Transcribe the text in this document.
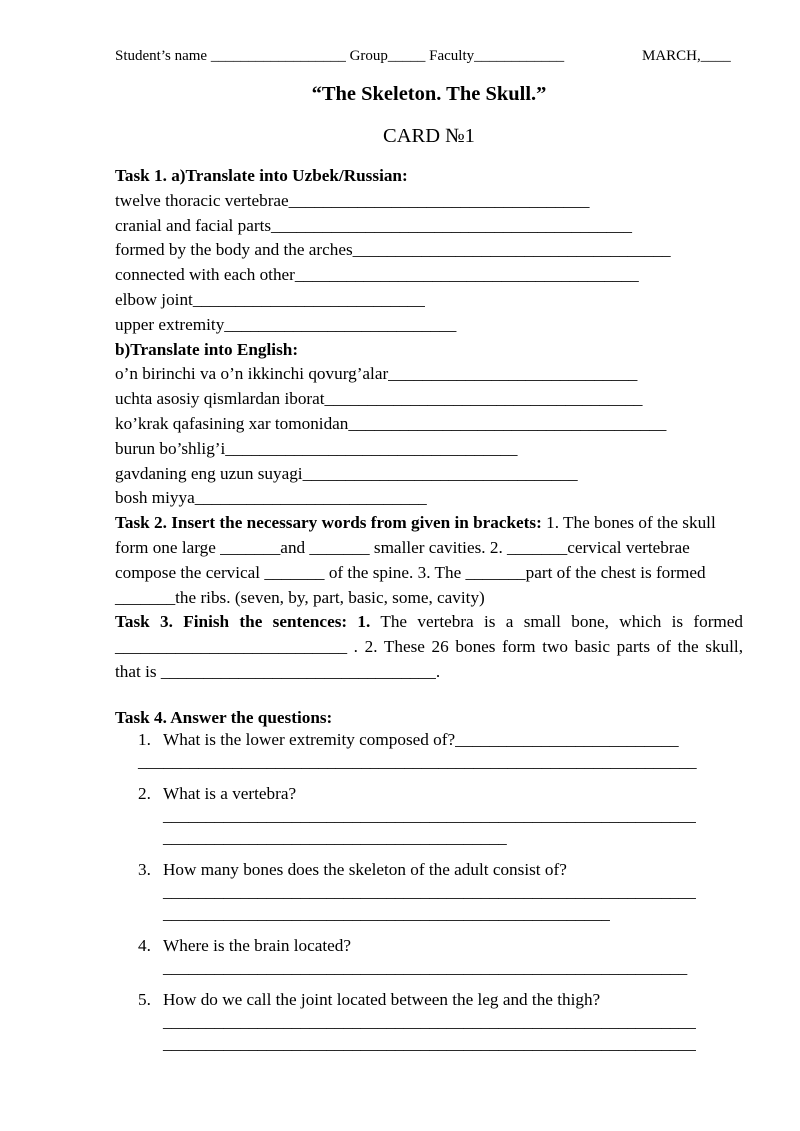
Student’s name __________________ Group_____ Faculty____________	MARCH,____
“The Skeleton. The Skull.”
CARD №1

Task 1. a)Translate into Uzbek/Russian:

twelve thoracic vertebrae___________________________________

cranial and facial parts__________________________________________

formed by the body and the arches_____________________________________

connected with each other________________________________________

elbow joint___________________________

upper extremity___________________________

b)Translate into English:

o’n birinchi va o’n ikkinchi qovurg’alar_____________________________

uchta asosiy qismlardan iborat_____________________________________

ko’krak qafasining xar tomonidan_____________________________________

burun bo’shlig’i__________________________________

gavdaning eng uzun suyagi________________________________

bosh miyya___________________________

Task 2. Insert the necessary words from given in brackets: 1. The bones of the skull form one large _______and _______ smaller cavities. 2. _______cervical vertebrae compose the cervical _______ of the spine. 3. The _______part of the chest is formed _______the ribs. (seven, by, part, basic, some, cavity)

Task 3. Finish the sentences: 1. The vertebra is a small bone, which is formed ___________________________ . 2. These 26 bones form two basic parts of the skull, that is ________________________________.

Task 4. Answer the questions:

1. What is the lower extremity composed of?__________________________

_________________________________________________________________

2. What is a vertebra?

______________________________________________________________

________________________________________

3. How many bones does the skeleton of the adult consist of?

______________________________________________________________

____________________________________________________

4. Where is the brain located?

_____________________________________________________________

5. How do we call the joint located between the leg and the thigh?

______________________________________________________________

______________________________________________________________
